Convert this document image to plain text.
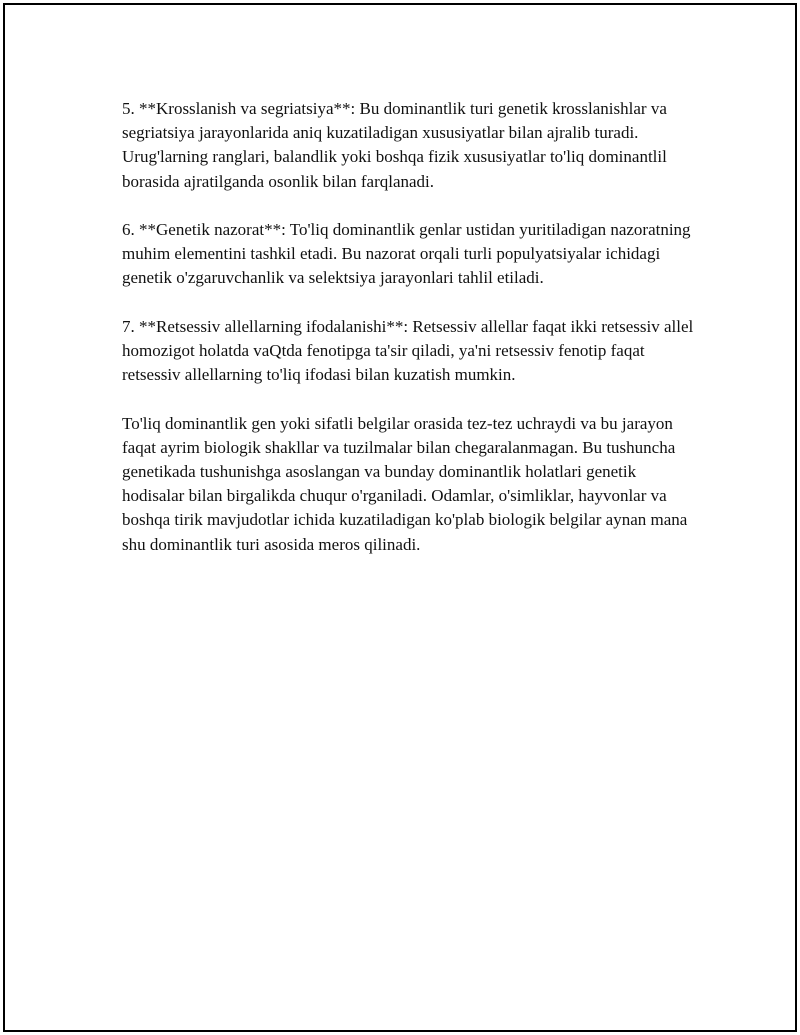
5. **Krosslanish va segriatsiya**: Bu dominantlik turi genetik krosslanishlar va segriatsiya jarayonlarida aniq kuzatiladigan xususiyatlar bilan ajralib turadi. Urug'larning ranglari, balandlik yoki boshqa fizik xususiyatlar to'liq dominantlil borasida ajratilganda osonlik bilan farqlanadi.

6. **Genetik nazorat**: To'liq dominantlik genlar ustidan yuritiladigan nazoratning muhim elementini tashkil etadi. Bu nazorat orqali turli populyatsiyalar ichidagi genetik o'zgaruvchanlik va selektsiya jarayonlari tahlil etiladi.

7. **Retsessiv allellarning ifodalanishi**: Retsessiv allellar faqat ikki retsessiv allel homozigot holatda vaQtda fenotipga ta'sir qiladi, ya'ni retsessiv fenotip faqat retsessiv allellarning to'liq ifodasi bilan kuzatish mumkin.

To'liq dominantlik gen yoki sifatli belgilar orasida tez-tez uchraydi va bu jarayon faqat ayrim biologik shakllar va tuzilmalar bilan chegaralanmagan. Bu tushuncha genetikada tushunishga asoslangan va bunday dominantlik holatlari genetik hodisalar bilan birgalikda chuqur o'rganiladi. Odamlar, o'simliklar, hayvonlar va boshqa tirik mavjudotlar ichida kuzatiladigan ko'plab biologik belgilar aynan mana shu dominantlik turi asosida meros qilinadi.
